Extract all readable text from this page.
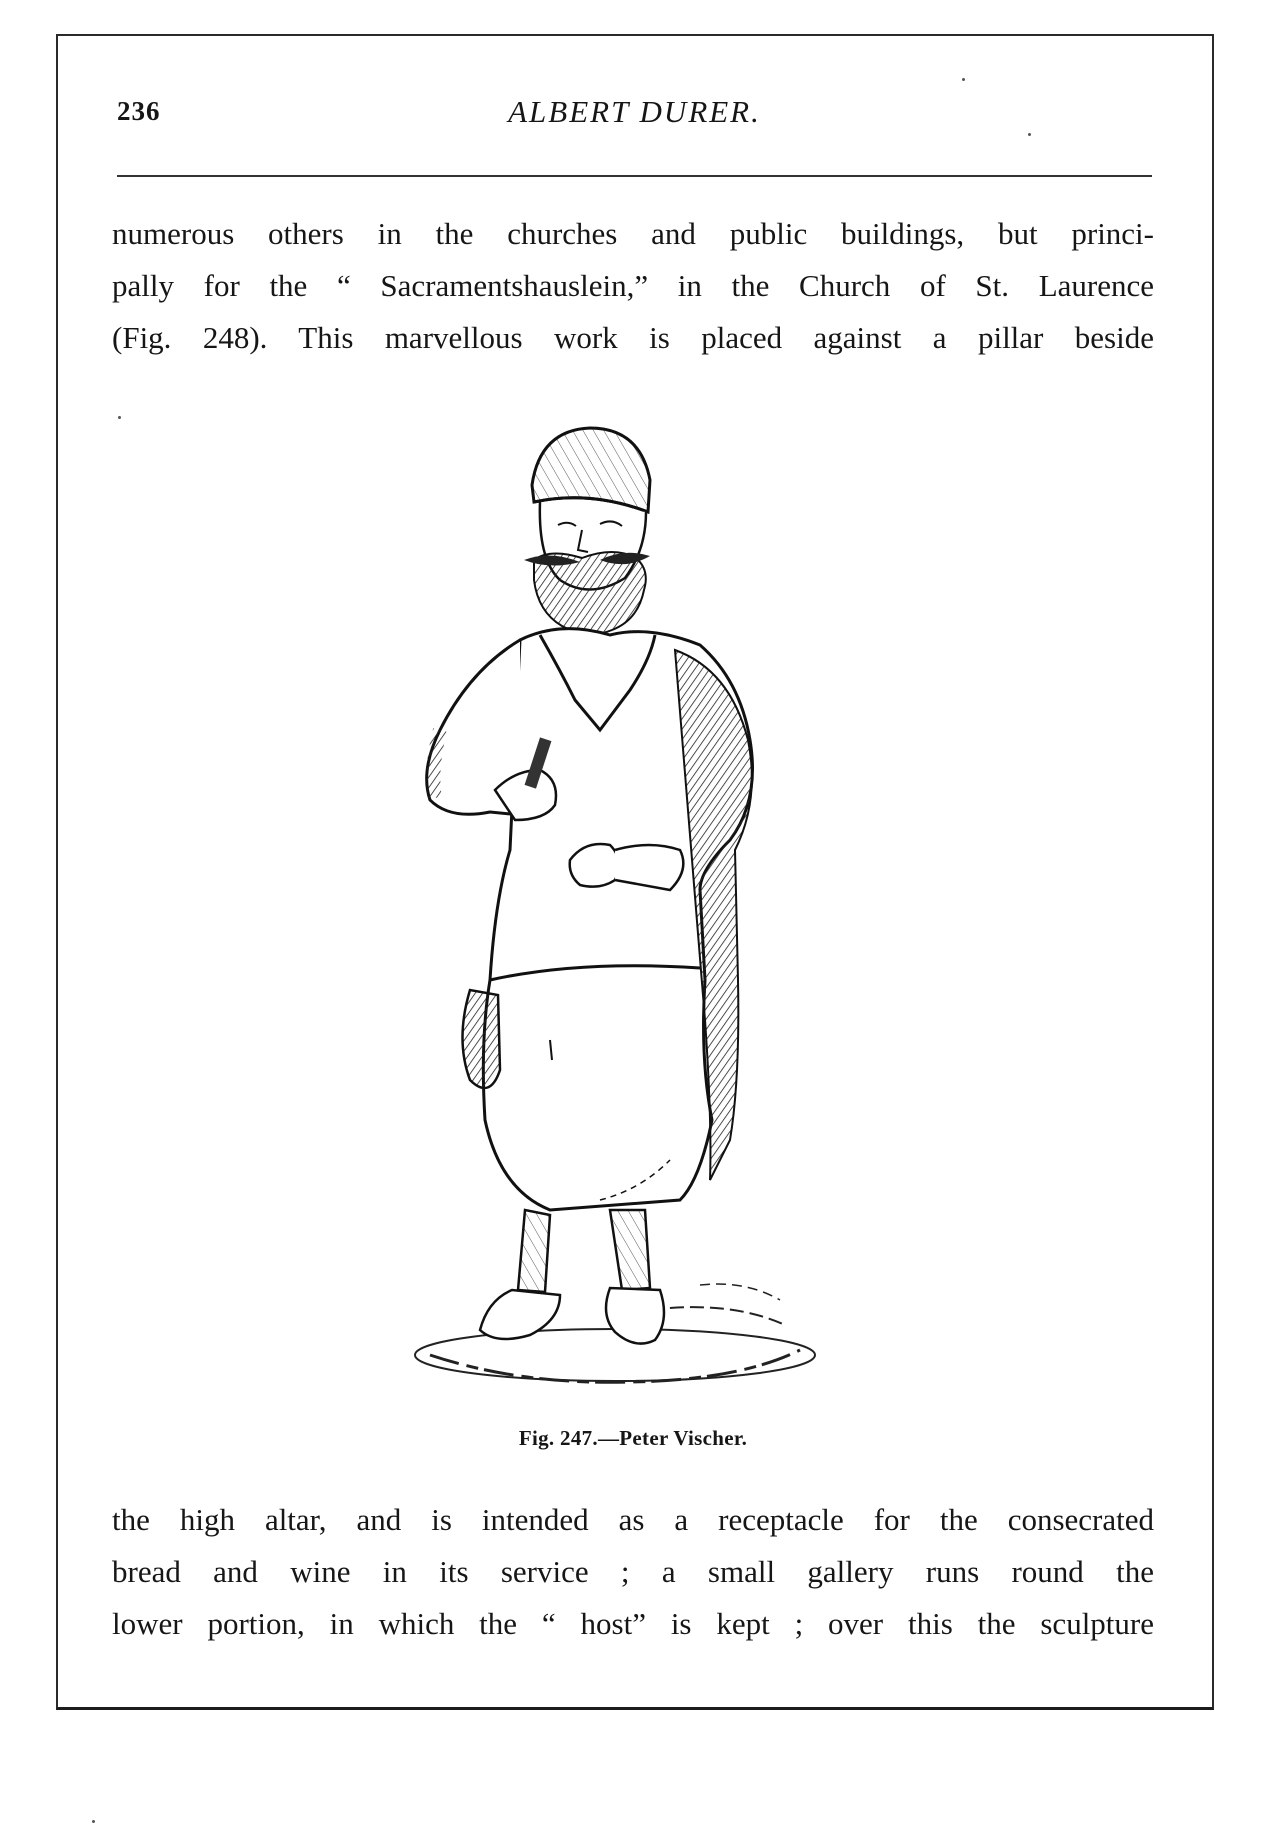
236	ALBERT DURER.
numerous others in the churches and public buildings, but princi-
pally for the “ Sacramentshauslein,” in the Church of St. Laurence
(Fig. 248). This marvellous work is placed against a pillar beside
Fig. 247.—Peter Vischer.
the high altar, and is intended as a receptacle for the consecrated
bread and wine in its service ; a small gallery runs round the
lower portion, in which the “ host” is kept ; over this the sculpture
